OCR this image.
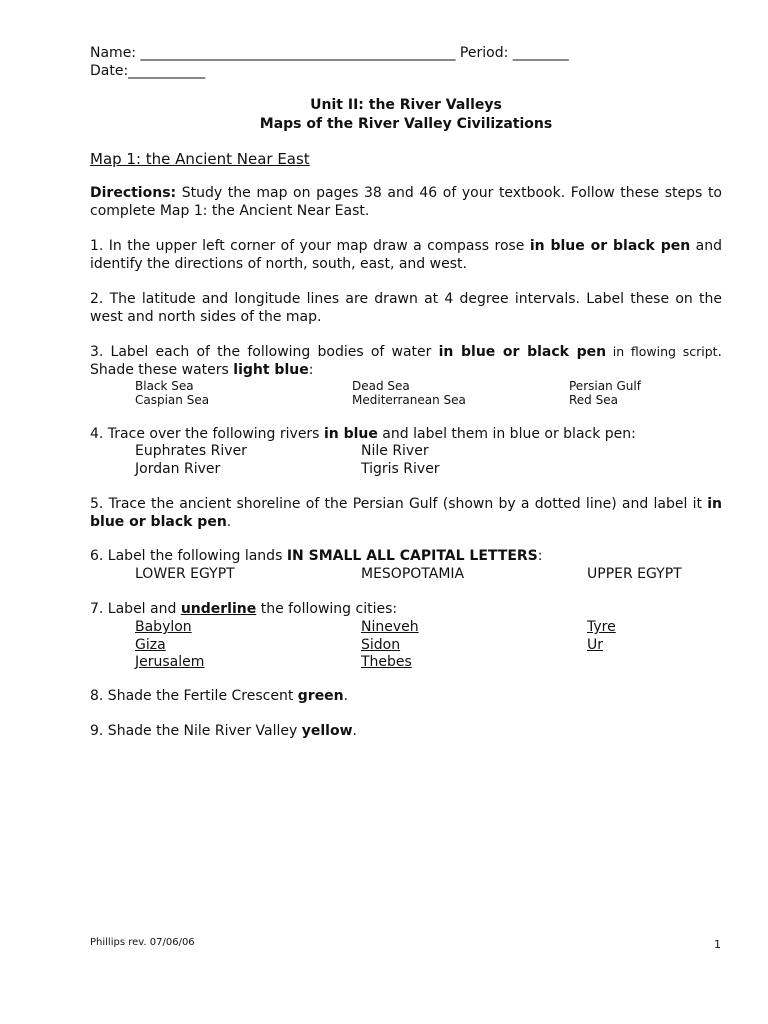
Name: _____________________________________________ Period: ________
Date:___________
Unit II: the River Valleys
Maps of the River Valley Civilizations
Map 1: the Ancient Near East
Directions: Study the map on pages 38 and 46 of your textbook. Follow these steps to complete Map 1: the Ancient Near East.
1. In the upper left corner of your map draw a compass rose in blue or black pen and identify the directions of north, south, east, and west.
2. The latitude and longitude lines are drawn at 4 degree intervals. Label these on the west and north sides of the map.
3. Label each of the following bodies of water in blue or black pen in flowing script. Shade these waters light blue:
Black Sea	Dead Sea	Persian Gulf
Caspian Sea	Mediterranean Sea	Red Sea
4. Trace over the following rivers in blue and label them in blue or black pen:
Euphrates River	Nile River
Jordan River	Tigris River
5. Trace the ancient shoreline of the Persian Gulf (shown by a dotted line) and label it in blue or black pen.
6. Label the following lands IN SMALL ALL CAPITAL LETTERS:
LOWER EGYPT	MESOPOTAMIA	UPPER EGYPT
7. Label and underline the following cities:
Babylon	Nineveh	Tyre
Giza	Sidon	Ur
Jerusalem	Thebes
8. Shade the Fertile Crescent green.
9. Shade the Nile River Valley yellow.
Phillips rev. 07/06/06	1
